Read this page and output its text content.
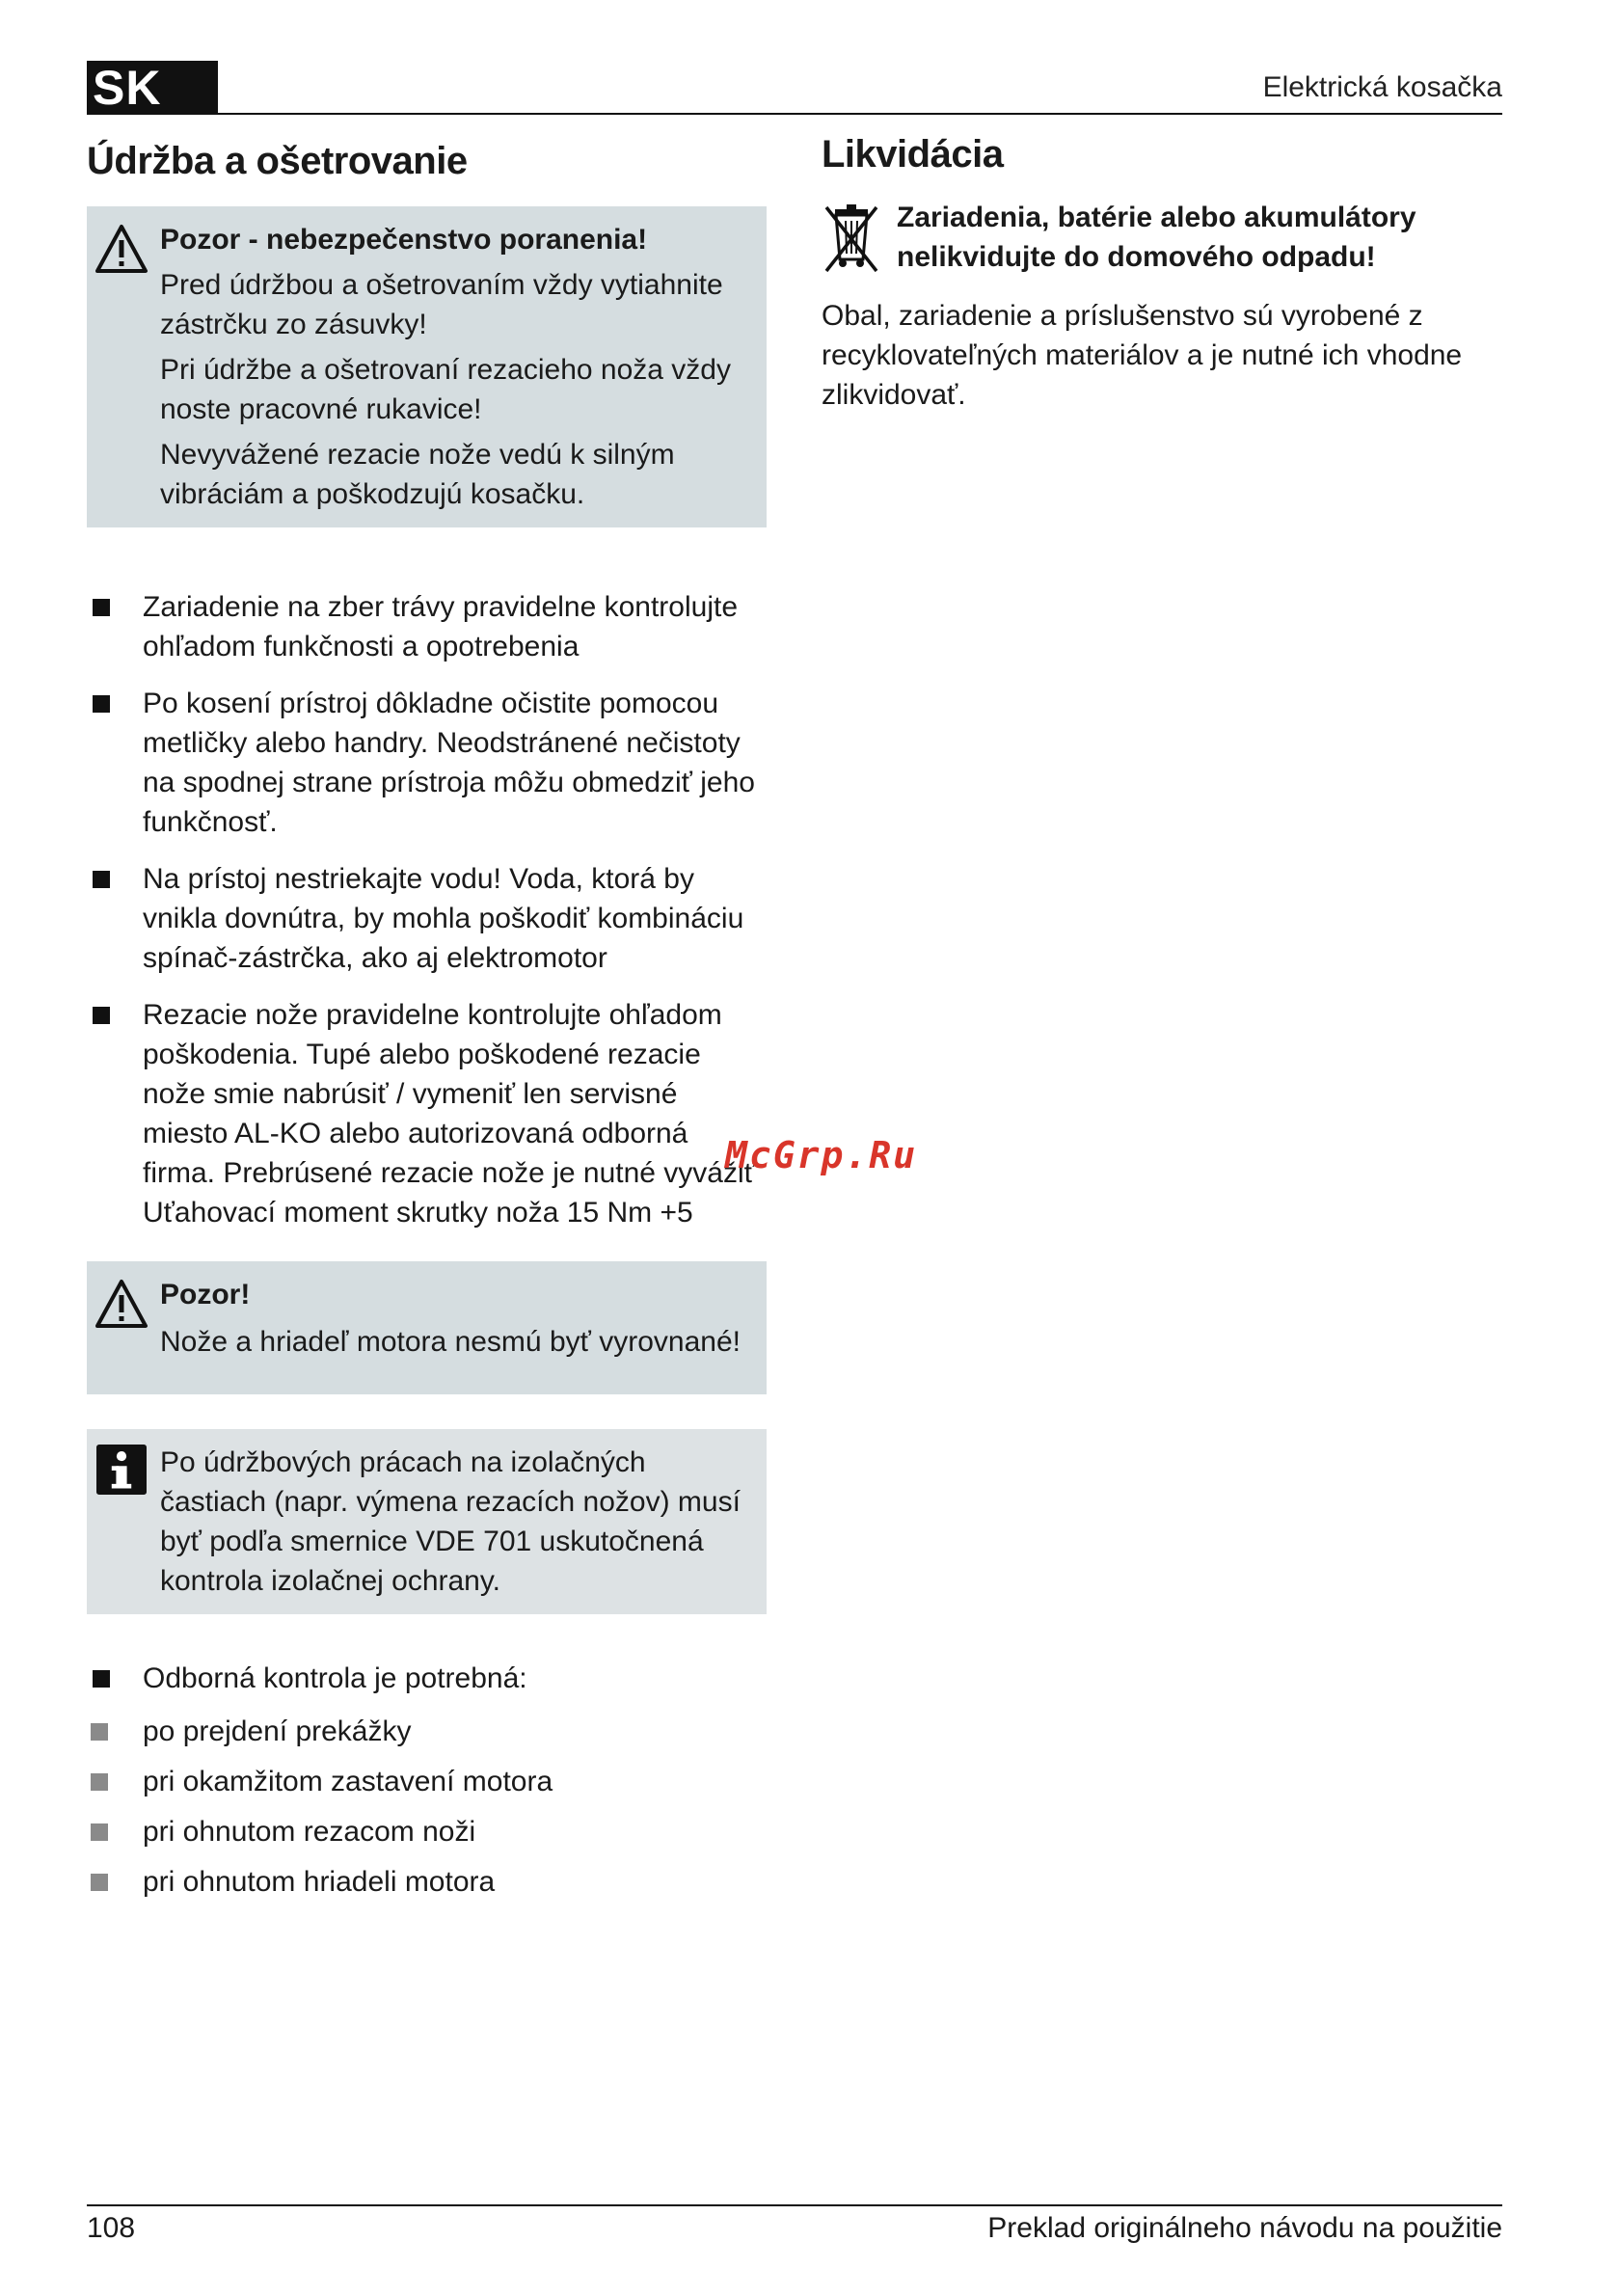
SK	Elektrická kosačka
Údržba a ošetrovanie

Pozor - nebezpečenstvo poranenia!

Pred údržbou a ošetrovaním vždy vytiahnite zástrčku zo zásuvky!

Pri údržbe a ošetrovaní rezacieho noža vždy noste pracovné rukavice!

Nevyvážené rezacie nože vedú k silným vibráciám a poškodzujú kosačku.

Zariadenie na zber trávy pravidelne kontrolujte ohľadom funkčnosti a opotrebenia
Po kosení prístroj dôkladne očistite pomocou metličky alebo handry. Neodstránené nečistoty na spodnej strane prístroja môžu obmedziť jeho funkčnosť.
Na prístoj nestriekajte vodu! Voda, ktorá by vnikla dovnútra, by mohla poškodiť kombináciu spínač-zástrčka, ako aj elektromotor
Rezacie nože pravidelne kontrolujte ohľadom poškodenia. Tupé alebo poškodené rezacie nože smie nabrúsiť / vymeniť len servisné miesto AL-KO alebo autorizovaná odborná firma. Prebrúsené rezacie nože je nutné vyvážiť
Uťahovací moment skrutky noža 15 Nm +5

Pozor!

Nože a hriadeľ motora nesmú byť vyrovnané!

Po údržbových prácach na izolačných častiach (napr. výmena rezacích nožov) musí byť podľa smernice VDE 701 uskutočnená kontrola izolačnej ochrany.

Odborná kontrola je potrebná:
po prejdení prekážky
pri okamžitom zastavení motora
pri ohnutom rezacom noži
pri ohnutom hriadeli motora
Likvidácia
Zariadenia, batérie alebo akumulátory nelikvidujte do domového odpadu!
Obal, zariadenie a príslušenstvo sú vyrobené z recyklovateľných materiálov a je nutné ich vhodne zlikvidovať.
McGrp.Ru
108	Preklad originálneho návodu na použitie
